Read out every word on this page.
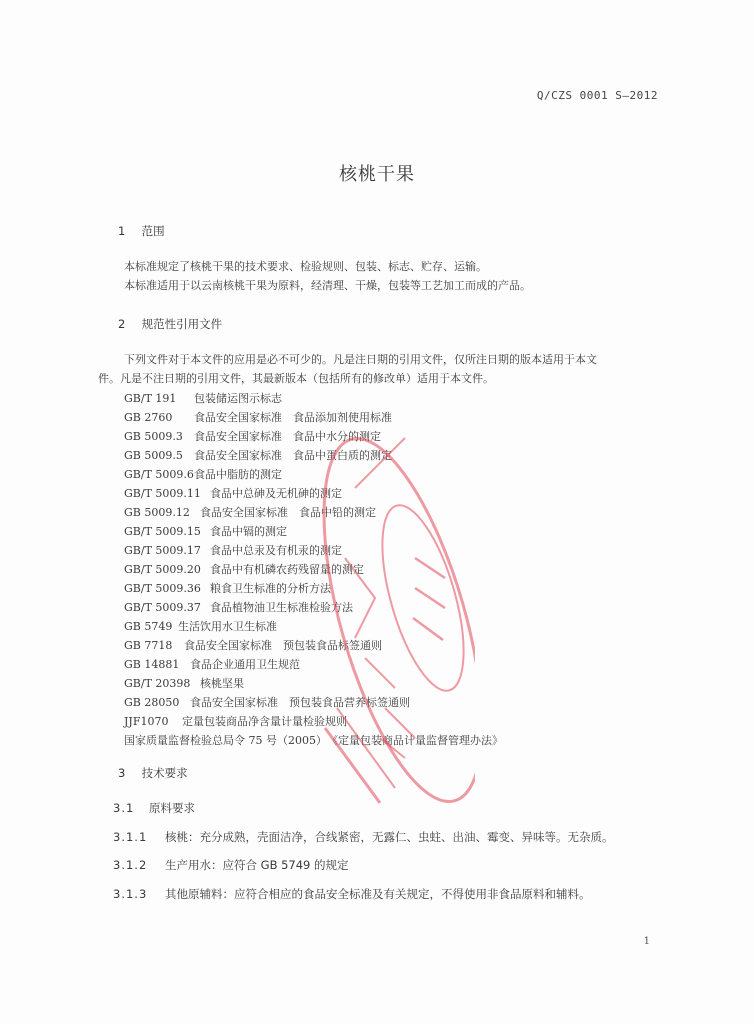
Q/CZS 0001 S—2012
核桃干果
1 范围

本标准规定了核桃干果的技术要求、检验规则、包装、标志、贮存、运输。

本标准适用于以云南核桃干果为原料，经清理、干燥，包装等工艺加工而成的产品。

2 规范性引用文件

下列文件对于本文件的应用是必不可少的。凡是注日期的引用文件，仅所注日期的版本适用于本文

件。凡是不注日期的引用文件，其最新版本（包括所有的修改单）适用于本文件。

GB/T 191 包装储运图示标志
GB 2760 食品安全国家标准　食品添加剂使用标准
GB 5009.3 食品安全国家标准　食品中水分的测定
GB 5009.5 食品安全国家标准　食品中蛋白质的测定
GB/T 5009.6食品中脂肪的测定
GB/T 5009.11 食品中总砷及无机砷的测定
GB 5009.12 食品安全国家标准　食品中铅的测定
GB/T 5009.15 食品中镉的测定
GB/T 5009.17 食品中总汞及有机汞的测定
GB/T 5009.20 食品中有机磷农药残留量的测定
GB/T 5009.36 粮食卫生标准的分析方法
GB/T 5009.37 食品植物油卫生标准检验方法
GB 5749 生活饮用水卫生标准
GB 7718 食品安全国家标准　预包装食品标签通则
GB 14881 食品企业通用卫生规范
GB/T 20398 核桃坚果
GB 28050 食品安全国家标准　预包装食品营养标签通则
JJF1070 定量包装商品净含量计量检验规则
国家质量监督检验总局令 75 号（2005）《定量包装商品计量监督管理办法》
3 技术要求
3.1 原料要求
3.1.1 核桃：充分成熟，壳面洁净，合线紧密，无露仁、虫蛀、出油、霉变、异味等。无杂质。
3.1.2 生产用水：应符合 GB 5749 的规定
3.1.3 其他原辅料：应符合相应的食品安全标准及有关规定，不得使用非食品原料和辅料。
1
